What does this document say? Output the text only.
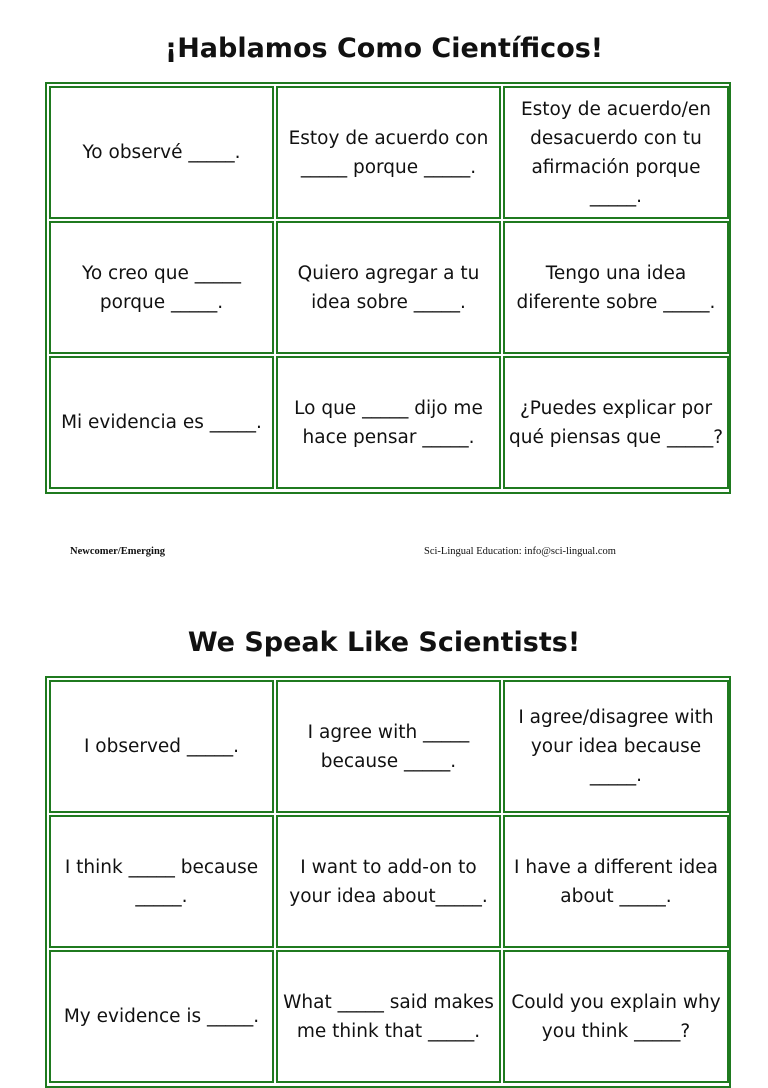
¡Hablamos Como Científicos!
Yo observé _____.
Estoy de acuerdo con _____ porque _____.
Estoy de acuerdo/en desacuerdo con tu afirmación porque _____.
Yo creo que _____ porque _____.
Quiero agregar a tu idea sobre _____.
Tengo una idea diferente sobre _____.
Mi evidencia es _____.
Lo que _____ dijo me hace pensar _____.
¿Puedes explicar por qué piensas que _____?
Newcomer/Emerging	Sci-Lingual Education: info@sci-lingual.com
We Speak Like Scientists!
I observed _____.
I agree with _____ because _____.
I agree/disagree with your idea because _____.
I think _____ because _____.
I want to add-on to your idea about_____.
I have a different idea about _____.
My evidence is _____.
What _____ said makes me think that _____.
Could you explain why you think _____?
